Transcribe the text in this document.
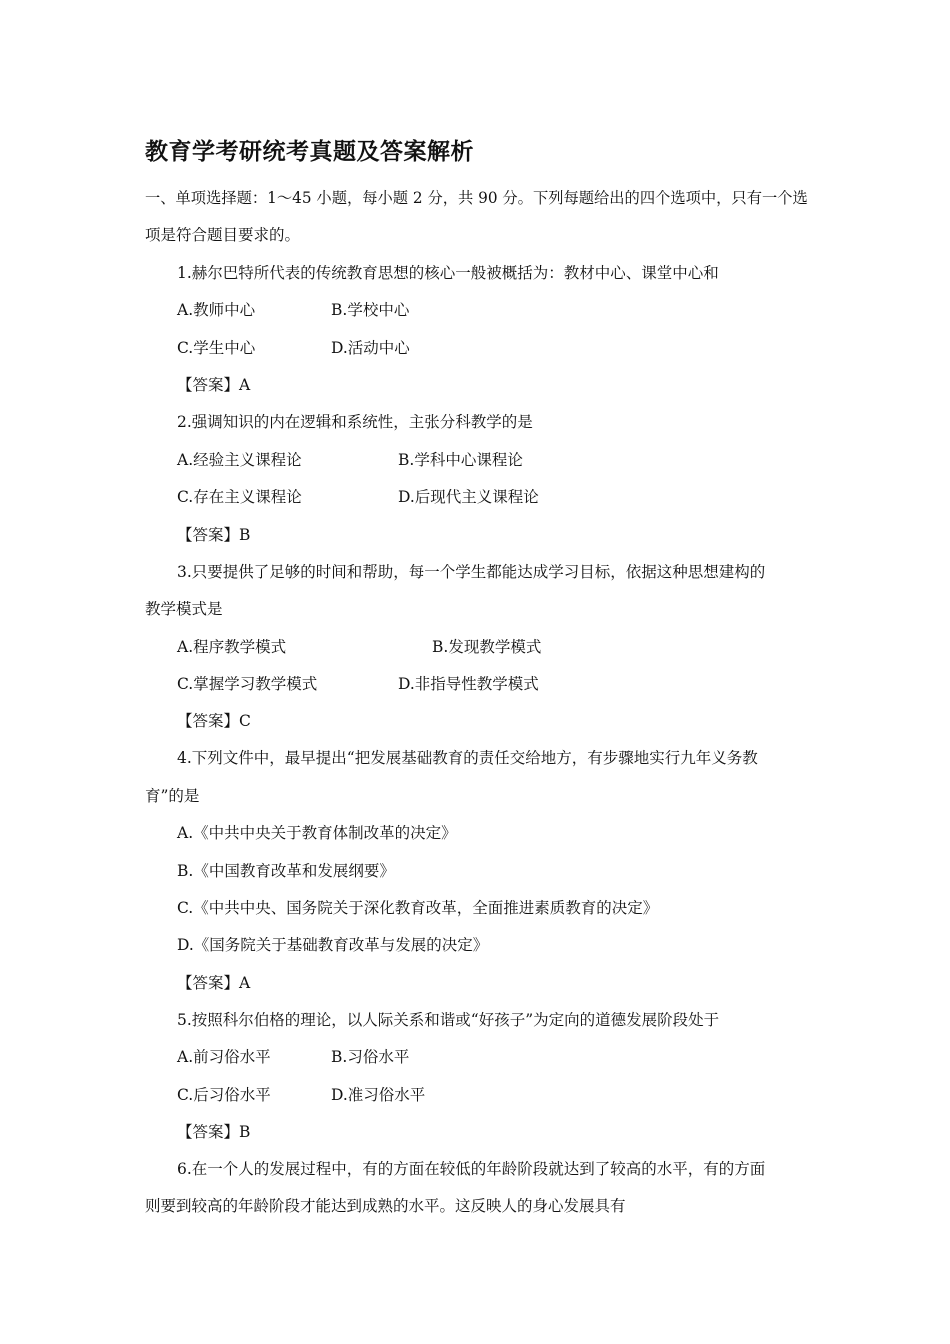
教育学考研统考真题及答案解析
一、单项选择题：1～45 小题，每小题 2 分，共 90 分。下列每题给出的四个选项中，只有一个选
项是符合题目要求的。
1.赫尔巴特所代表的传统教育思想的核心一般被概括为：教材中心、课堂中心和
A.教师中心	B.学校中心
C.学生中心	D.活动中心
【答案】A
2.强调知识的内在逻辑和系统性，主张分科教学的是
A.经验主义课程论	B.学科中心课程论
C.存在主义课程论	D.后现代主义课程论
【答案】B
3.只要提供了足够的时间和帮助，每一个学生都能达成学习目标，依据这种思想建构的
教学模式是
A.程序教学模式	B.发现教学模式
C.掌握学习教学模式	D.非指导性教学模式
【答案】C
4.下列文件中，最早提出“把发展基础教育的责任交给地方，有步骤地实行九年义务教
育”的是
A.《中共中央关于教育体制改革的决定》
B.《中国教育改革和发展纲要》
C.《中共中央、国务院关于深化教育改革，全面推进素质教育的决定》
D.《国务院关于基础教育改革与发展的决定》
【答案】A
5.按照科尔伯格的理论，以人际关系和谐或“好孩子”为定向的道德发展阶段处于
A.前习俗水平	B.习俗水平
C.后习俗水平	D.准习俗水平
【答案】B
6.在一个人的发展过程中，有的方面在较低的年龄阶段就达到了较高的水平，有的方面
则要到较高的年龄阶段才能达到成熟的水平。这反映人的身心发展具有
